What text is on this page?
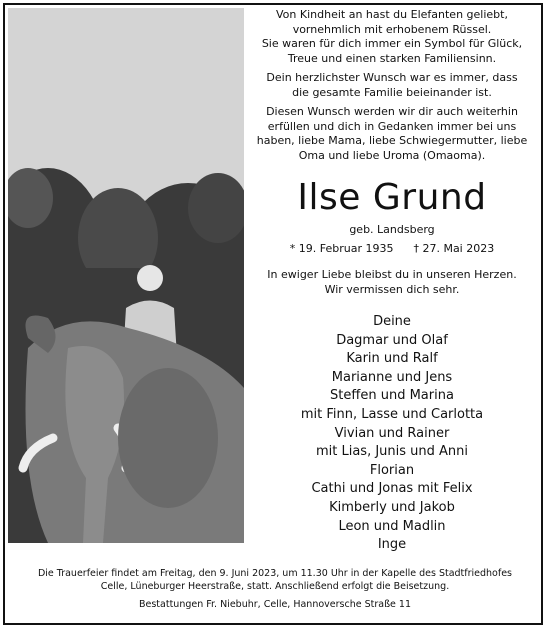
Von Kindheit an hast du Elefanten geliebt,
vornehmlich mit erhobenem Rüssel.
Sie waren für dich immer ein Symbol für Glück,
Treue und einen starken Familiensinn.

Dein herzlichster Wunsch war es immer, dass
die gesamte Familie beieinander ist.

Diesen Wunsch werden wir dir auch weiterhin
erfüllen und dich in Gedanken immer bei uns
haben, liebe Mama, liebe Schwiegermutter, liebe
Oma und liebe Uroma (Omaoma).

Ilse Grund
geb. Landsberg
* 19. Februar 1935 † 27. Mai 2023
In ewiger Liebe bleibst du in unseren Herzen.
Wir vermissen dich sehr.
Deine
Dagmar und Olaf
Karin und Ralf
Marianne und Jens
Steffen und Marina
mit Finn, Lasse und Carlotta
Vivian und Rainer
mit Lias, Junis und Anni
Florian
Cathi und Jonas mit Felix
Kimberly und Jakob
Leon und Madlin
Inge

Die Trauerfeier findet am Freitag, den 9. Juni 2023, um 11.30 Uhr in der Kapelle des Stadtfriedhofes
Celle, Lüneburger Heerstraße, statt. Anschließend erfolgt die Beisetzung.

Bestattungen Fr. Niebuhr, Celle, Hannoversche Straße 11
